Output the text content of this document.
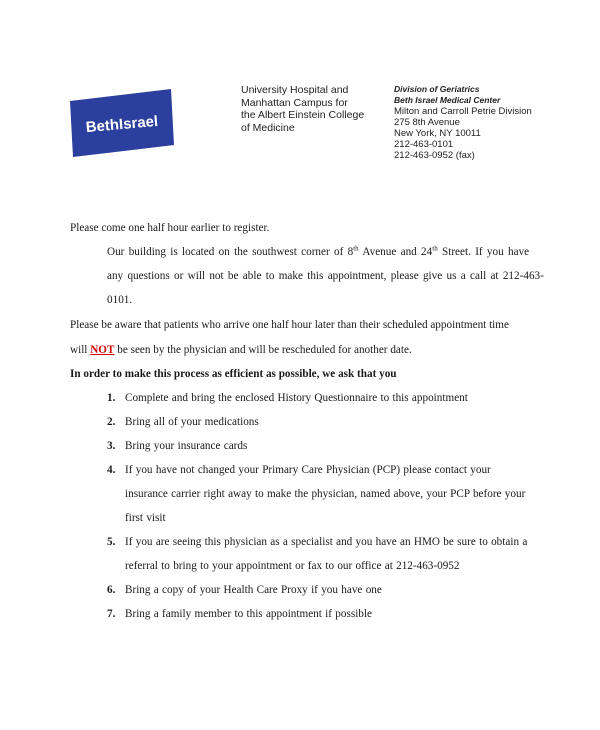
BethIsrael
University Hospital and
Manhattan Campus for
the Albert Einstein College
of Medicine
Division of Geriatrics
Beth Israel Medical Center
Milton and Carroll Petrie Division
275 8th Avenue
New York, NY 10011
212-463-0101
212-463-0952 (fax)
Please come one half hour earlier to register.
Our building is located on the southwest corner of 8th Avenue and 24th Street. If you have
any questions or will not be able to make this appointment, please give us a call at 212-463-
0101.
Please be aware that patients who arrive one half hour later than their scheduled appointment time
will NOT be seen by the physician and will be rescheduled for another date.
In order to make this process as efficient as possible, we ask that you
1. Complete and bring the enclosed History Questionnaire to this appointment
2. Bring all of your medications
3. Bring your insurance cards
4. If you have not changed your Primary Care Physician (PCP) please contact your
insurance carrier right away to make the physician, named above, your PCP before your
first visit
5. If you are seeing this physician as a specialist and you have an HMO be sure to obtain a
referral to bring to your appointment or fax to our office at 212-463-0952
6. Bring a copy of your Health Care Proxy if you have one
7. Bring a family member to this appointment if possible
